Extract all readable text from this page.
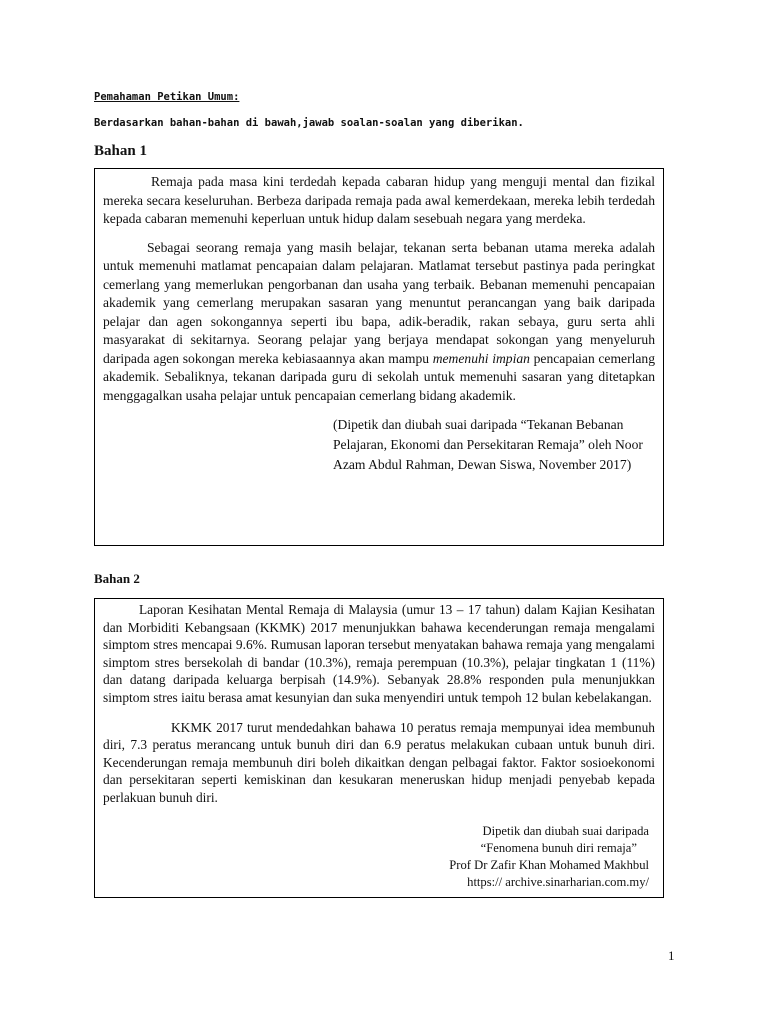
Pemahaman Petikan Umum:
Berdasarkan bahan-bahan di bawah,jawab soalan-soalan yang diberikan.
Bahan 1

Remaja pada masa kini terdedah kepada cabaran hidup yang menguji mental dan fizikal mereka secara keseluruhan. Berbeza daripada remaja pada awal kemerdekaan, mereka lebih terdedah kepada cabaran memenuhi keperluan untuk hidup dalam sesebuah negara yang merdeka.

Sebagai seorang remaja yang masih belajar, tekanan serta bebanan utama mereka adalah untuk memenuhi matlamat pencapaian dalam pelajaran. Matlamat tersebut pastinya pada peringkat cemerlang yang memerlukan pengorbanan dan usaha yang terbaik. Bebanan memenuhi pencapaian akademik yang cemerlang merupakan sasaran yang menuntut perancangan yang baik daripada pelajar dan agen sokongannya seperti ibu bapa, adik-beradik, rakan sebaya, guru serta ahli masyarakat di sekitarnya. Seorang pelajar yang berjaya mendapat sokongan yang menyeluruh daripada agen sokongan mereka kebiasaannya akan mampu memenuhi impian pencapaian cemerlang akademik. Sebaliknya, tekanan daripada guru di sekolah untuk memenuhi sasaran yang ditetapkan menggagalkan usaha pelajar untuk pencapaian cemerlang bidang akademik.

(Dipetik dan diubah suai daripada “Tekanan Bebanan Pelajaran, Ekonomi dan Persekitaran Remaja” oleh Noor Azam Abdul Rahman, Dewan Siswa, November 2017)
Bahan 2

Laporan Kesihatan Mental Remaja di Malaysia (umur 13 – 17 tahun) dalam Kajian Kesihatan dan Morbiditi Kebangsaan (KKMK) 2017 menunjukkan bahawa kecenderungan remaja mengalami simptom stres mencapai 9.6%. Rumusan laporan tersebut menyatakan bahawa remaja yang mengalami simptom stres bersekolah di bandar (10.3%), remaja perempuan (10.3%), pelajar tingkatan 1 (11%) dan datang daripada keluarga berpisah (14.9%). Sebanyak 28.8% responden pula menunjukkan simptom stres iaitu berasa amat kesunyian dan suka menyendiri untuk tempoh 12 bulan kebelakangan.

KKMK 2017 turut mendedahkan bahawa 10 peratus remaja mempunyai idea membunuh diri, 7.3 peratus merancang untuk bunuh diri dan 6.9 peratus melakukan cubaan untuk bunuh diri. Kecenderungan remaja membunuh diri boleh dikaitkan dengan pelbagai faktor. Faktor sosioekonomi dan persekitaran seperti kemiskinan dan kesukaran meneruskan hidup menjadi penyebab kepada perlakuan bunuh diri.

Dipetik dan diubah suai daripada
“Fenomena bunuh diri remaja”
Prof Dr Zafir Khan Mohamed Makhbul
https:// archive.sinarharian.com.my/
1
